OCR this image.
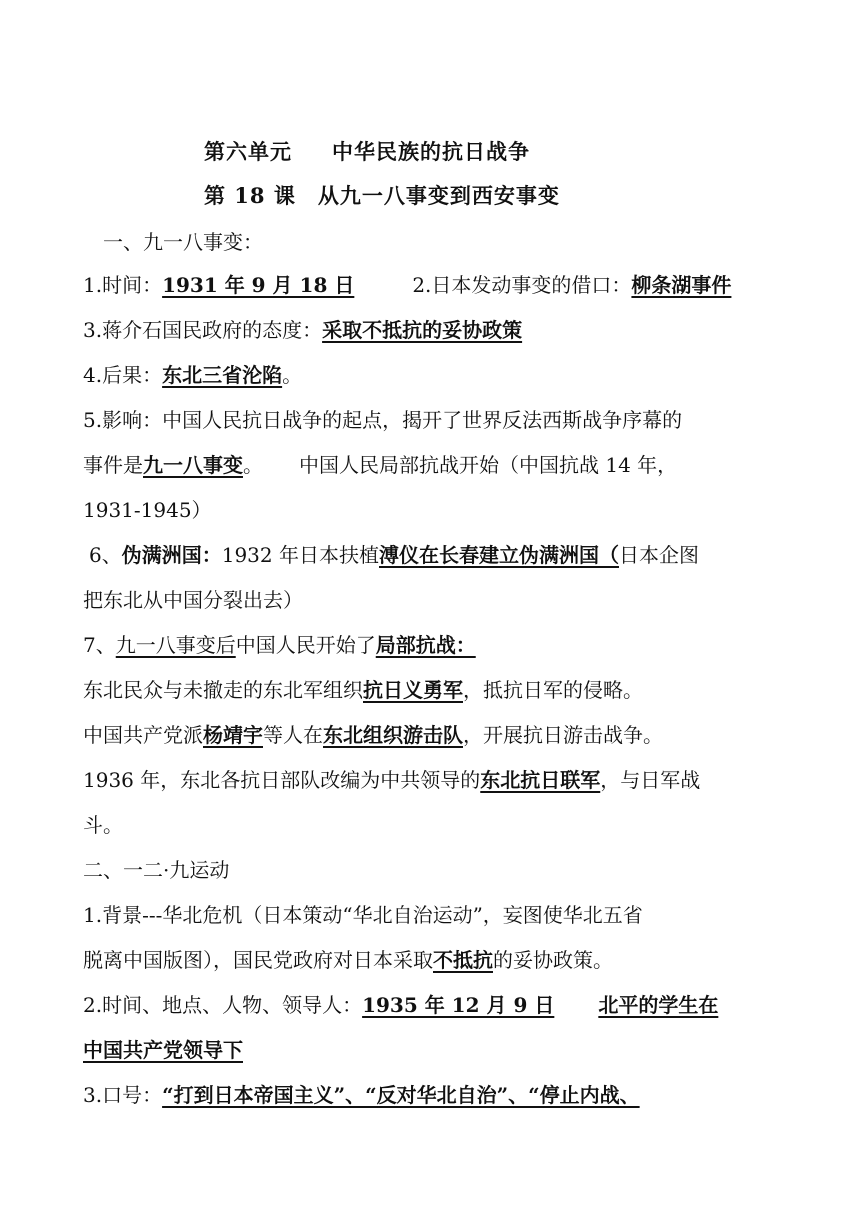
第六单元 中华民族的抗日战争
第 18 课 从九一八事变到西安事变
一、九一八事变：
1.时间：1931 年 9 月 18 日	2.日本发动事变的借口：柳条湖事件
3.蒋介石国民政府的态度：采取不抵抗的妥协政策
4.后果：东北三省沦陷。
5.影响：中国人民抗日战争的起点，揭开了世界反法西斯战争序幕的
事件是九一八事变。 中国人民局部抗战开始（中国抗战 14 年，
1931-1945）
6、伪满洲国：1932 年日本扶植溥仪在长春建立伪满洲国（日本企图
把东北从中国分裂出去）
7、九一八事变后中国人民开始了局部抗战：
东北民众与未撤走的东北军组织抗日义勇军，抵抗日军的侵略。
中国共产党派杨靖宇等人在东北组织游击队，开展抗日游击战争。
1936 年，东北各抗日部队改编为中共领导的东北抗日联军，与日军战
斗。
二、一二·九运动
1.背景---华北危机（日本策动“华北自治运动”，妄图使华北五省
脱离中国版图），国民党政府对日本采取不抵抗的妥协政策。
2.时间、地点、人物、领导人：1935 年 12 月 9 日 北平的学生在
中国共产党领导下
3.口号：“打到日本帝国主义”、“反对华北自治”、“停止内战、
